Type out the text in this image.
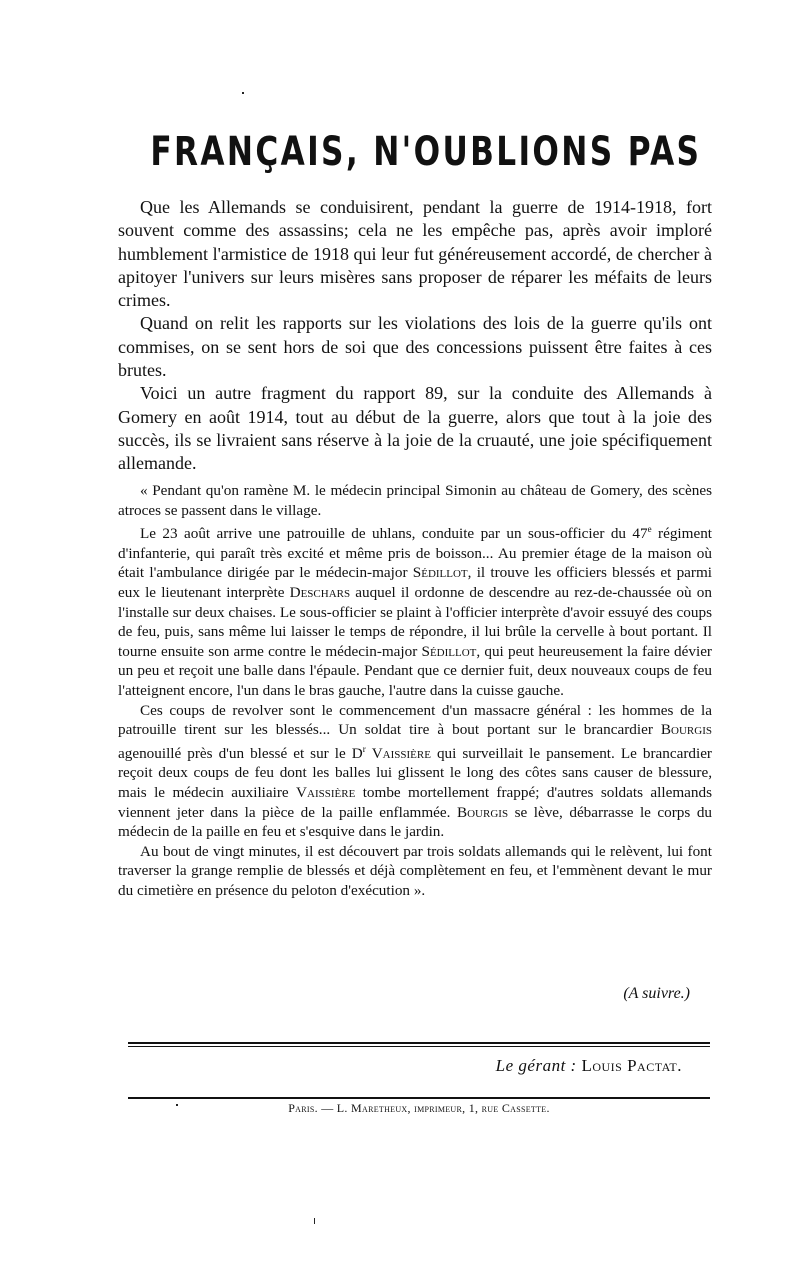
FRANÇAIS, N'OUBLIONS PAS

Que les Allemands se conduisirent, pendant la guerre de 1914-1918, fort souvent comme des assassins; cela ne les empêche pas, après avoir imploré humblement l'armistice de 1918 qui leur fut généreusement accordé, de chercher à apitoyer l'univers sur leurs misères sans proposer de réparer les méfaits de leurs crimes.

Quand on relit les rapports sur les violations des lois de la guerre qu'ils ont commises, on se sent hors de soi que des concessions puissent être faites à ces brutes.

Voici un autre fragment du rapport 89, sur la conduite des Allemands à Gomery en août 1914, tout au début de la guerre, alors que tout à la joie des succès, ils se livraient sans réserve à la joie de la cruauté, une joie spécifiquement allemande.

« Pendant qu'on ramène M. le médecin principal Simonin au château de Gomery, des scènes atroces se passent dans le village.

Le 23 août arrive une patrouille de uhlans, conduite par un sous-officier du 47e régiment d'infanterie, qui paraît très excité et même pris de boisson... Au premier étage de la maison où était l'ambulance dirigée par le médecin-major Sédillot, il trouve les officiers blessés et parmi eux le lieutenant interprète Deschars auquel il ordonne de descendre au rez-de-chaussée où on l'installe sur deux chaises. Le sous-officier se plaint à l'officier interprète d'avoir essuyé des coups de feu, puis, sans même lui laisser le temps de répondre, il lui brûle la cervelle à bout portant. Il tourne ensuite son arme contre le médecin-major Sédillot, qui peut heureusement la faire dévier un peu et reçoit une balle dans l'épaule. Pendant que ce dernier fuit, deux nouveaux coups de feu l'atteignent encore, l'un dans le bras gauche, l'autre dans la cuisse gauche.

Ces coups de revolver sont le commencement d'un massacre général : les hommes de la patrouille tirent sur les blessés... Un soldat tire à bout portant sur le brancardier Bourgis agenouillé près d'un blessé et sur le $D^r$ Vaissière qui surveillait le pansement. Le brancardier reçoit deux coups de feu dont les balles lui glissent le long des côtes sans causer de blessure, mais le médecin auxiliaire Vaissière tombe mortellement frappé; d'autres soldats allemands viennent jeter dans la pièce de la paille enflammée. Bourgis se lève, débarrasse le corps du médecin de la paille en feu et s'esquive dans le jardin.

Au bout de vingt minutes, il est découvert par trois soldats allemands qui le relèvent, lui font traverser la grange remplie de blessés et déjà complètement en feu, et l'emmènent devant le mur du cimetière en présence du peloton d'exécution ».

(A suivre.)
Le gérant : Louis Pactat.
Paris. — L. Maretheux, imprimeur, 1, rue Cassette.
